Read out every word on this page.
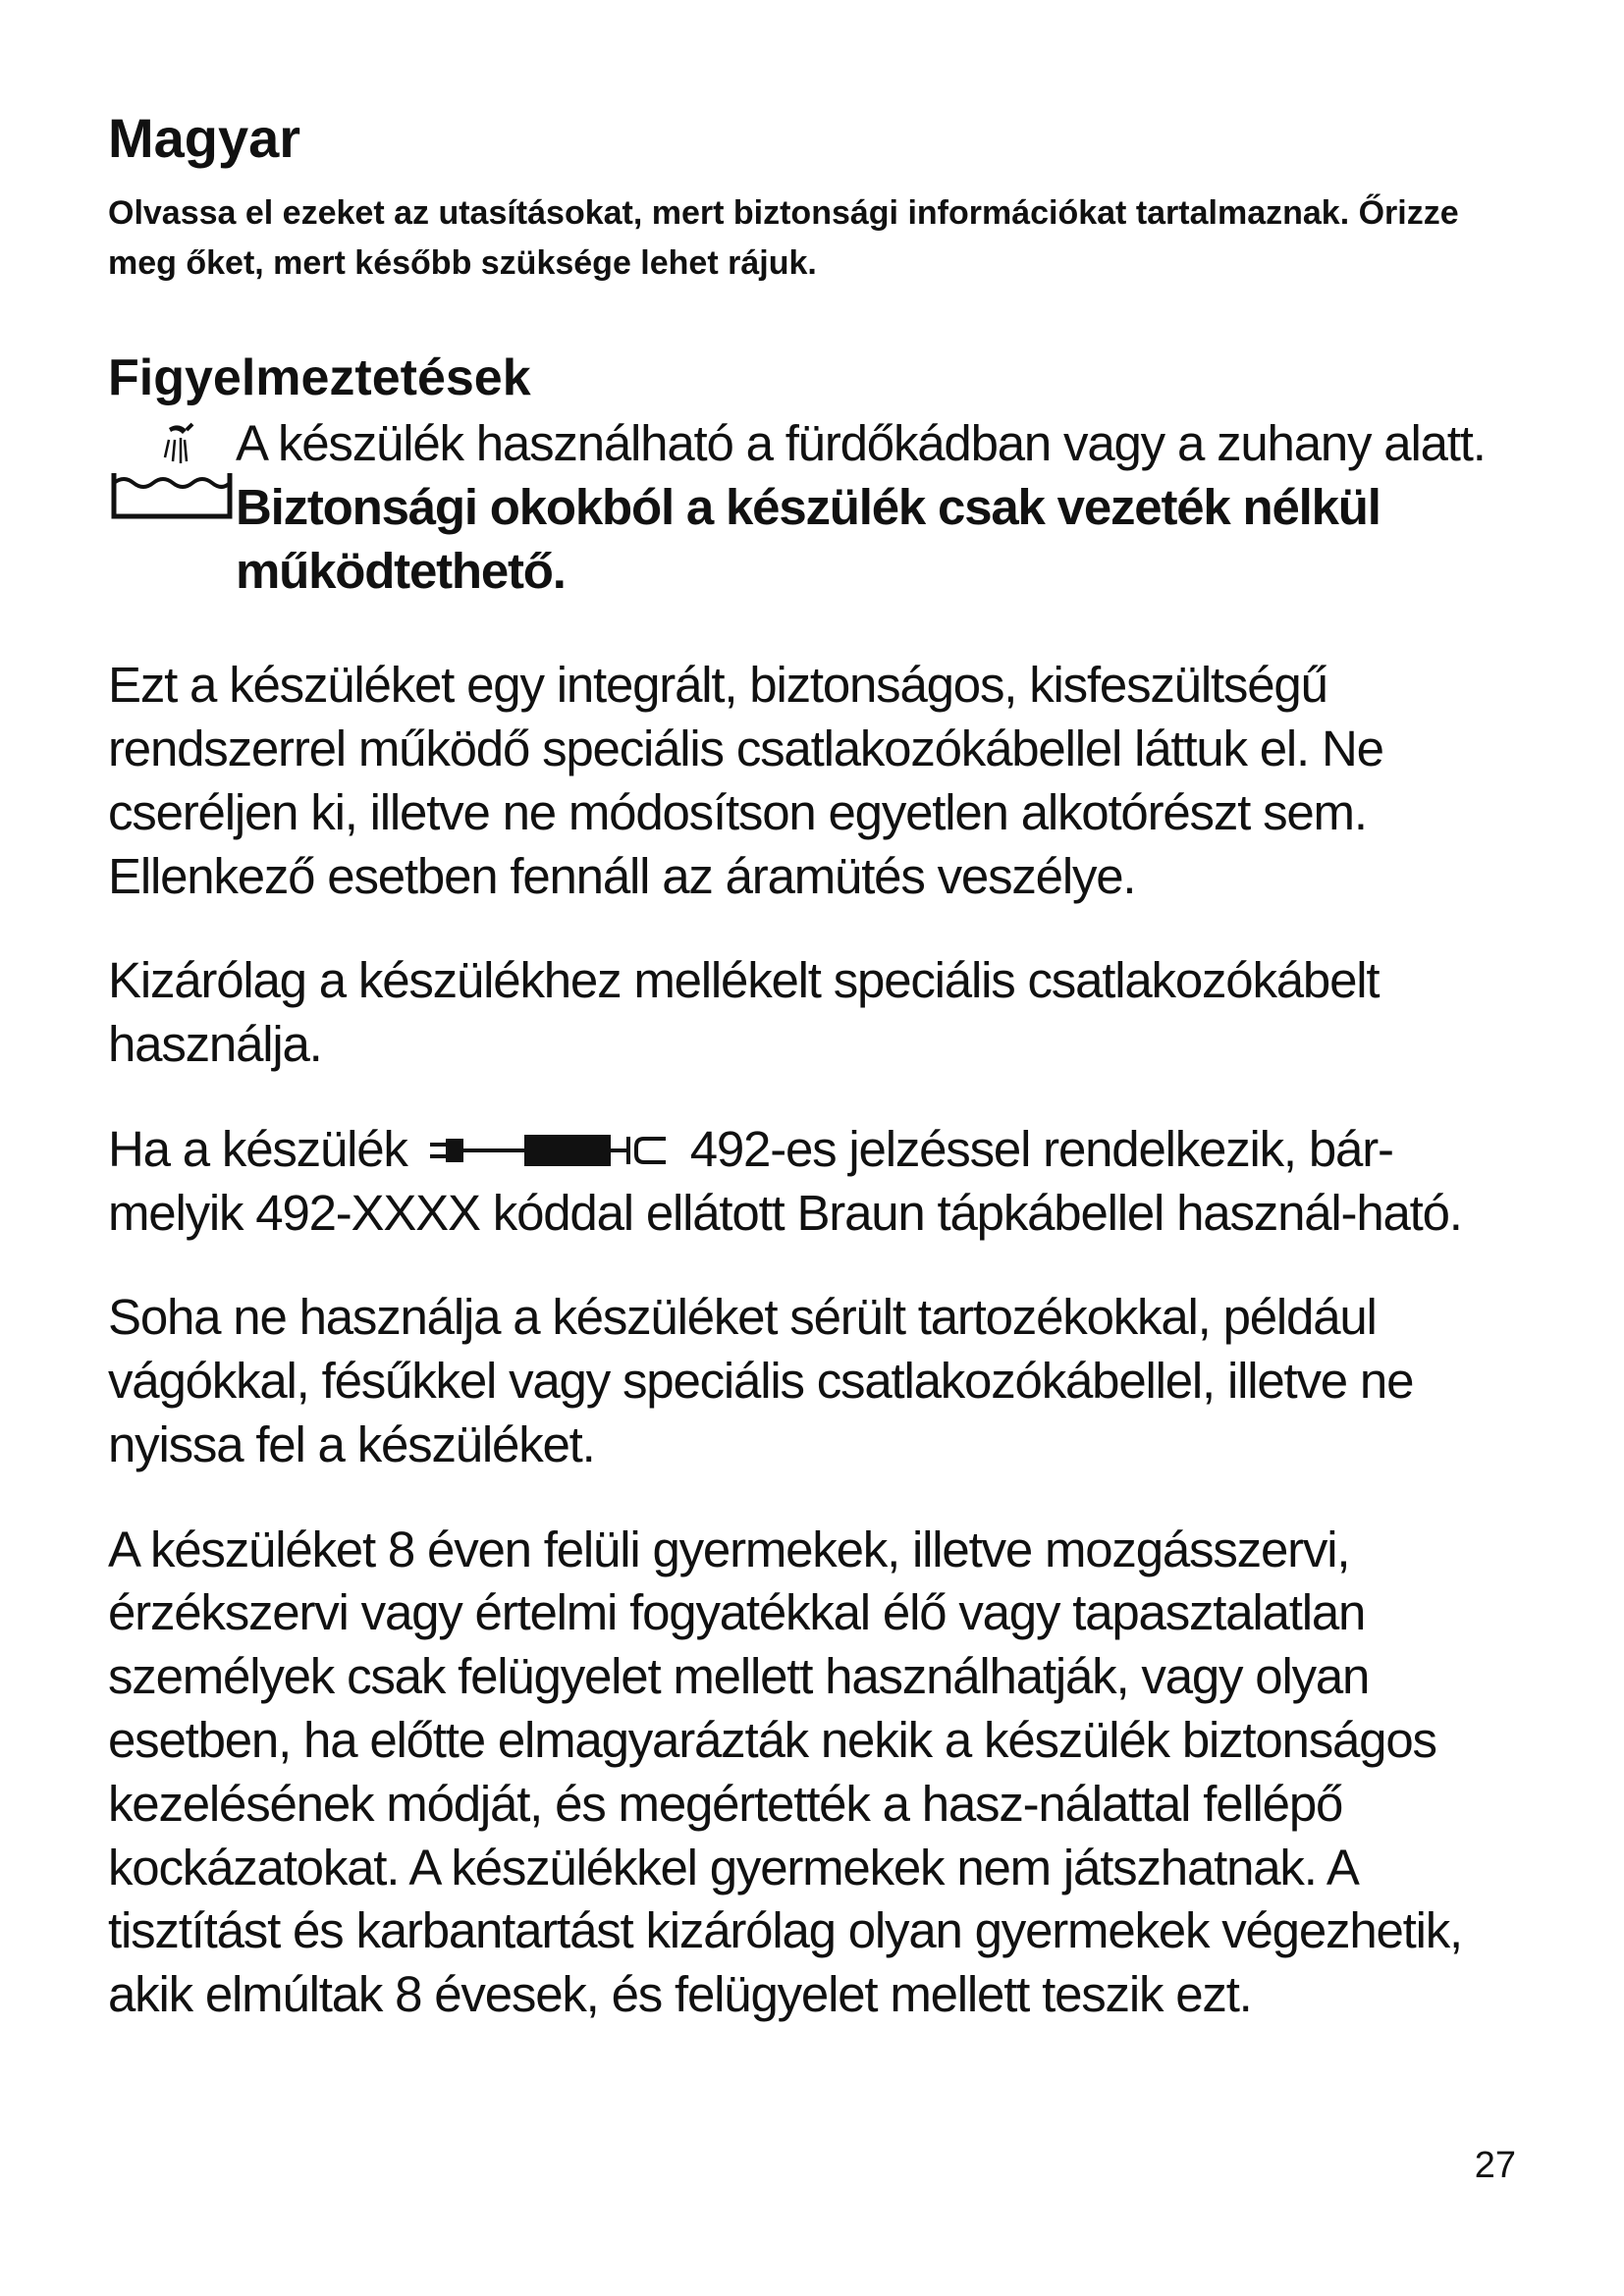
Magyar

Olvassa el ezeket az utasításokat, mert biztonsági információkat tartalmaznak. Őrizze meg őket, mert később szüksége lehet rájuk.

Figyelmeztetések

A készülék használható a fürdőkádban vagy a zuhany alatt. Biztonsági okokból a készülék csak vezeték nélkül működtethető.

Ezt a készüléket egy integrált, biztonságos, kisfeszültségű rendszerrel működő speciális csatlakozókábellel láttuk el. Ne cseréljen ki, illetve ne módosítson egyetlen alkotórészt sem. Ellenkező esetben fennáll az áramütés veszélye.

Kizárólag a készülékhez mellékelt speciális csatlakozókábelt használja.

Ha a készülék	492-es jelzéssel rendelkezik, bár-melyik 492-XXXX kóddal ellátott Braun tápkábellel használ-ható.

Soha ne használja a készüléket sérült tartozékokkal, például vágókkal, fésűkkel vagy speciális csatlakozókábellel, illetve ne nyissa fel a készüléket.

A készüléket 8 éven felüli gyermekek, illetve mozgásszervi, érzékszervi vagy értelmi fogyatékkal élő vagy tapasztalatlan személyek csak felügyelet mellett használhatják, vagy olyan esetben, ha előtte elmagyarázták nekik a készülék biztonságos kezelésének módját, és megértették a hasz-nálattal fellépő kockázatokat. A készülékkel gyermekek nem játszhatnak. A tisztítást és karbantartást kizárólag olyan gyermekek végezhetik, akik elmúltak 8 évesek, és felügyelet mellett teszik ezt.

27
